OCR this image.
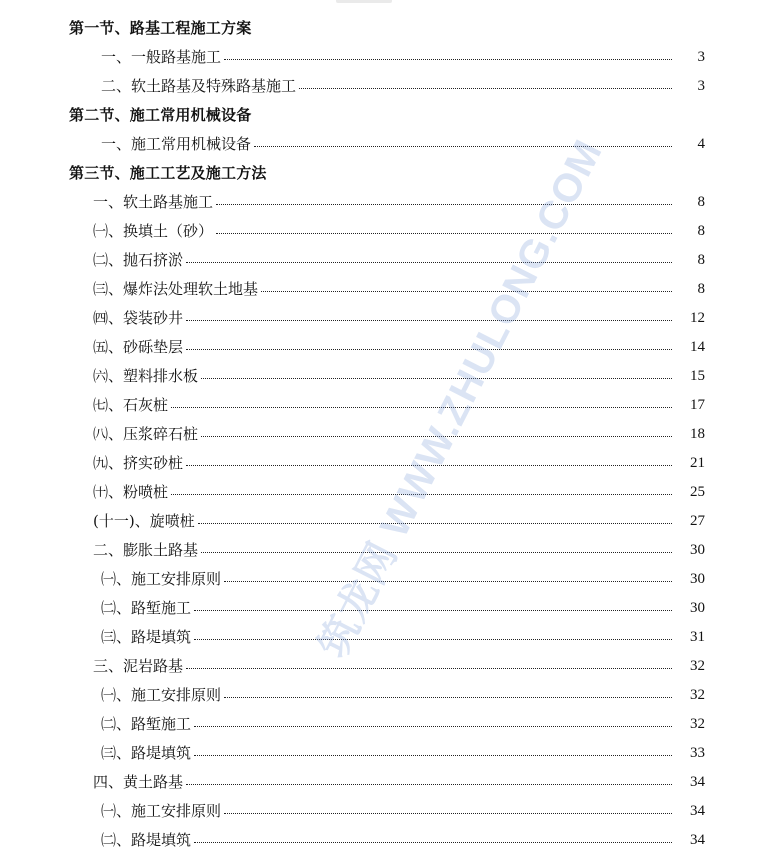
第一节、路基工程施工方案
一、一般路基施工	3
二、软土路基及特殊路基施工	3
第二节、施工常用机械设备
一、施工常用机械设备	4
第三节、施工工艺及施工方法
一、软土路基施工	8
㈠、换填土（砂）	8
㈡、抛石挤淤	8
㈢、爆炸法处理软土地基	8
㈣、袋装砂井	12
㈤、砂砾垫层	14
㈥、塑料排水板	15
㈦、石灰桩	17
㈧、压浆碎石桩	18
㈨、挤实砂桩	21
㈩、粉喷桩	25
(十一)、旋喷桩	27
二、膨胀土路基	30
㈠、施工安排原则	30
㈡、路堑施工	30
㈢、路堤填筑	31
三、泥岩路基	32
㈠、施工安排原则	32
㈡、路堑施工	32
㈢、路堤填筑	33
四、黄土路基	34
㈠、施工安排原则	34
㈡、路堤填筑	34
筑龙网 WWW.ZHULONG.COM
